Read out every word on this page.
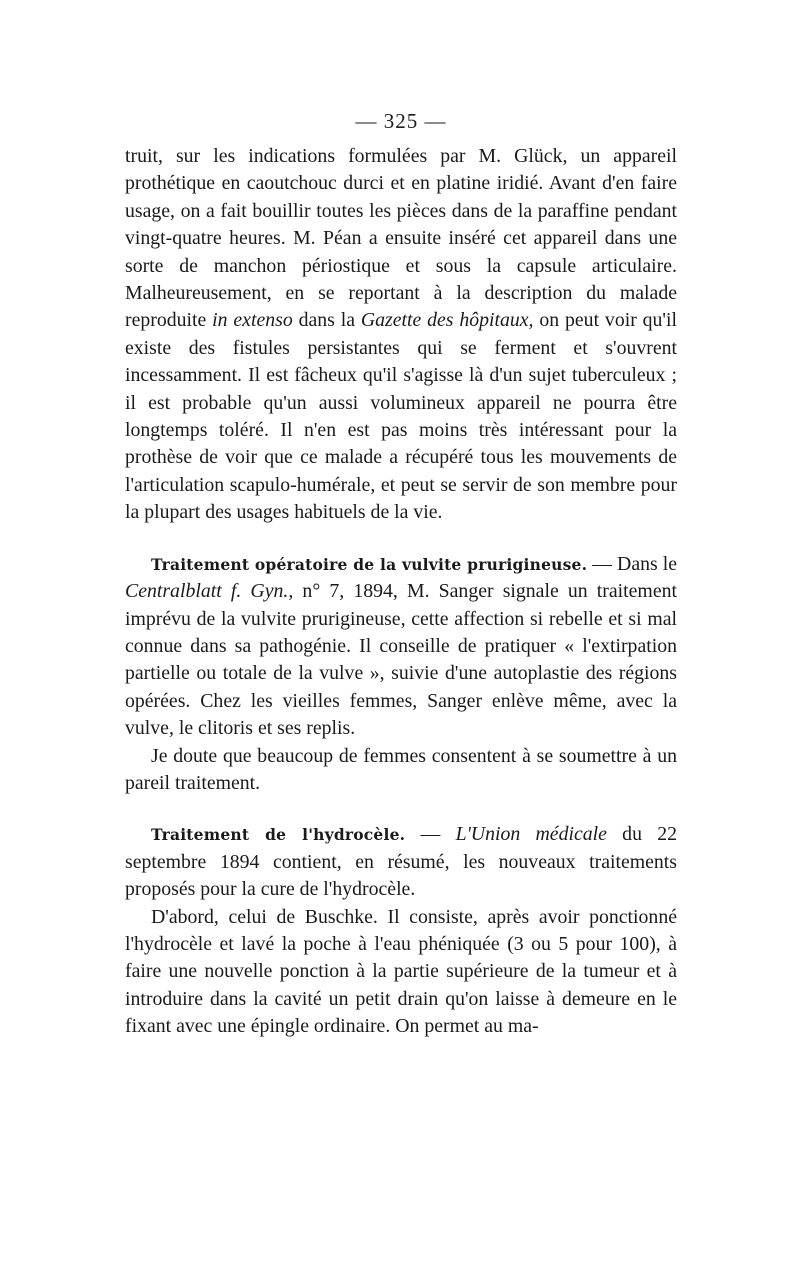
— 325 —

truit, sur les indications formulées par M. Glück, un appareil prothétique en caoutchouc durci et en platine iridié. Avant d'en faire usage, on a fait bouillir toutes les pièces dans de la paraffine pendant vingt-quatre heures. M. Péan a ensuite inséré cet appareil dans une sorte de manchon périostique et sous la capsule articulaire. Malheureusement, en se reportant à la description du malade reproduite in extenso dans la Gazette des hôpitaux, on peut voir qu'il existe des fistules persistantes qui se ferment et s'ouvrent incessamment. Il est fâcheux qu'il s'agisse là d'un sujet tuberculeux ; il est probable qu'un aussi volumineux appareil ne pourra être longtemps toléré. Il n'en est pas moins très intéressant pour la prothèse de voir que ce malade a récupéré tous les mouvements de l'articulation scapulo-humérale, et peut se servir de son membre pour la plupart des usages habituels de la vie.

Traitement opératoire de la vulvite prurigineuse. — Dans le Centralblatt f. Gyn., n° 7, 1894, M. Sanger signale un traitement imprévu de la vulvite prurigineuse, cette affection si rebelle et si mal connue dans sa pathogénie. Il conseille de pratiquer « l'extirpation partielle ou totale de la vulve », suivie d'une autoplastie des régions opérées. Chez les vieilles femmes, Sanger enlève même, avec la vulve, le clitoris et ses replis.

Je doute que beaucoup de femmes consentent à se soumettre à un pareil traitement.

Traitement de l'hydrocèle. — L'Union médicale du 22 septembre 1894 contient, en résumé, les nouveaux traitements proposés pour la cure de l'hydrocèle.

D'abord, celui de Buschke. Il consiste, après avoir ponctionné l'hydrocèle et lavé la poche à l'eau phéniquée (3 ou 5 pour 100), à faire une nouvelle ponction à la partie supérieure de la tumeur et à introduire dans la cavité un petit drain qu'on laisse à demeure en le fixant avec une épingle ordinaire. On permet au ma-
